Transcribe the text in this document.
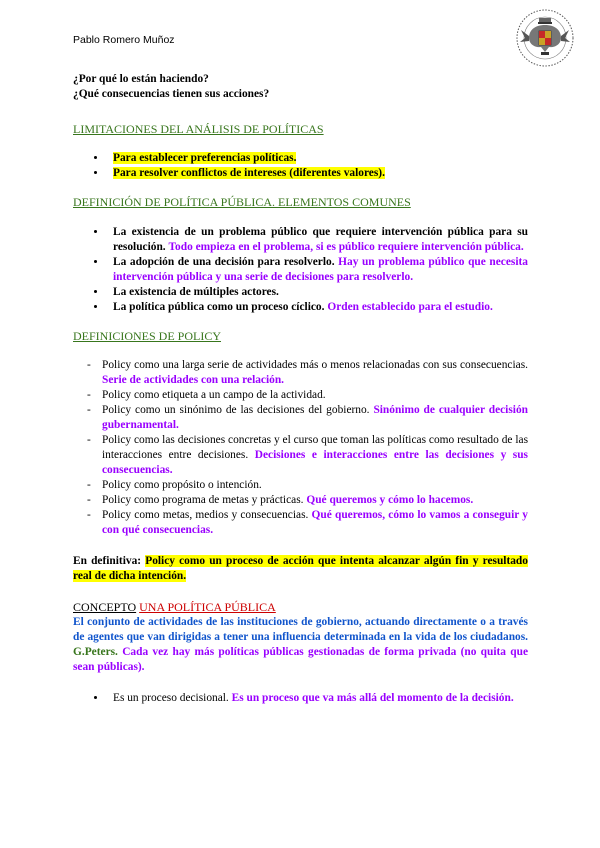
Pablo Romero Muñoz
¿Por qué lo están haciendo?
¿Qué consecuencias tienen sus acciones?
LIMITACIONES DEL ANÁLISIS DE POLÍTICAS
• Para establecer preferencias políticas.
• Para resolver conflictos de intereses (diferentes valores).
DEFINICIÓN DE POLÍTICA PÚBLICA. ELEMENTOS COMUNES
• La existencia de un problema público que requiere intervención pública para su resolución. Todo empieza en el problema, si es público requiere intervención pública.
• La adopción de una decisión para resolverlo. Hay un problema público que necesita intervención pública y una serie de decisiones para resolverlo.
• La existencia de múltiples actores.
• La política pública como un proceso cíclico. Orden establecido para el estudio.
DEFINICIONES DE POLICY
- Policy como una larga serie de actividades más o menos relacionadas con sus consecuencias. Serie de actividades con una relación.
- Policy como etiqueta a un campo de la actividad.
- Policy como un sinónimo de las decisiones del gobierno. Sinónimo de cualquier decisión gubernamental.
- Policy como las decisiones concretas y el curso que toman las políticas como resultado de las interacciones entre decisiones. Decisiones e interacciones entre las decisiones y sus consecuencias.
- Policy como propósito o intención.
- Policy como programa de metas y prácticas. Qué queremos y cómo lo hacemos.
- Policy como metas, medios y consecuencias. Qué queremos, cómo lo vamos a conseguir y con qué consecuencias.

En definitiva: Policy como un proceso de acción que intenta alcanzar algún fin y resultado real de dicha intención.

CONCEPTO UNA POLÍTICA PÚBLICA

El conjunto de actividades de las instituciones de gobierno, actuando directamente o a través de agentes que van dirigidas a tener una influencia determinada en la vida de los ciudadanos. G.Peters. Cada vez hay más políticas públicas gestionadas de forma privada (no quita que sean públicas).

• Es un proceso decisional. Es un proceso que va más allá del momento de la decisión.
